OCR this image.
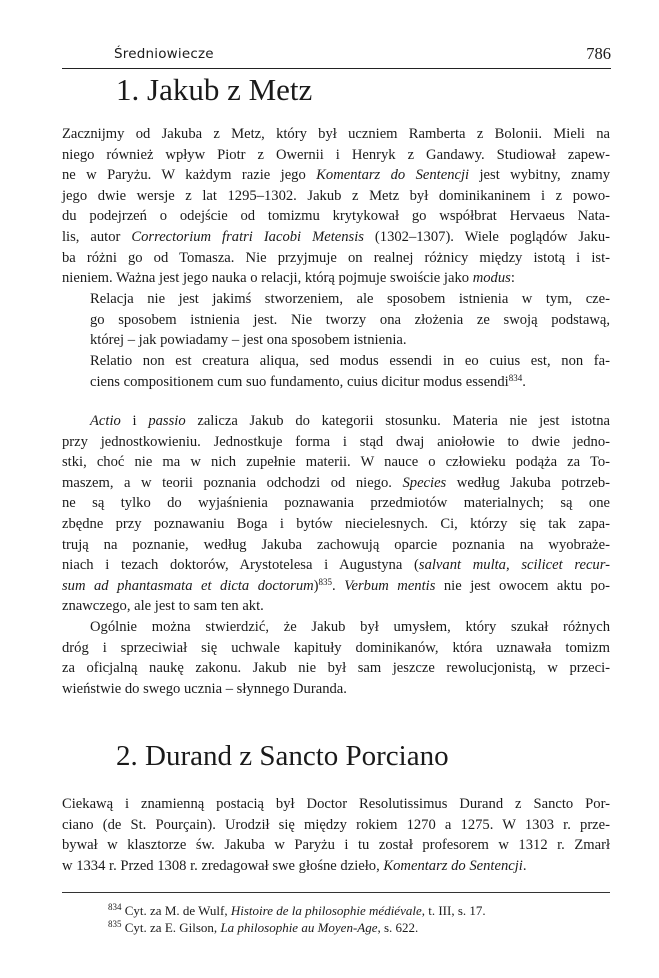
Średniowiecze	786
1. Jakub z Metz
Zacznijmy od Jakuba z Metz, który był uczniem Ramberta z Bolonii. Mieli na
niego również wpływ Piotr z Owernii i Henryk z Gandawy. Studiował zapew-
ne w Paryżu. W każdym razie jego Komentarz do Sentencji jest wybitny, znamy
jego dwie wersje z lat 1295–1302. Jakub z Metz był dominikaninem i z powo-
du podejrzeń o odejście od tomizmu krytykował go współbrat Hervaeus Nata-
lis, autor Correctorium fratri Iacobi Metensis (1302–1307). Wiele poglądów Jaku-
ba różni go od Tomasza. Nie przyjmuje on realnej różnicy między istotą i ist-
nieniem. Ważna jest jego nauka o relacji, którą pojmuje swoiście jako modus:
Relacja nie jest jakimś stworzeniem, ale sposobem istnienia w tym, cze-
go sposobem istnienia jest. Nie tworzy ona złożenia ze swoją podstawą,
której – jak powiadamy – jest ona sposobem istnienia.
Relatio non est creatura aliqua, sed modus essendi in eo cuius est, non fa-
ciens compositionem cum suo fundamento, cuius dicitur modus essendi$^{834}$.
Actio i passio zalicza Jakub do kategorii stosunku. Materia nie jest istotna
przy jednostkowieniu. Jednostkuje forma i stąd dwaj aniołowie to dwie jedno-
stki, choć nie ma w nich zupełnie materii. W nauce o człowieku podąża za To-
maszem, a w teorii poznania odchodzi od niego. Species według Jakuba potrzeb-
ne są tylko do wyjaśnienia poznawania przedmiotów materialnych; są one
zbędne przy poznawaniu Boga i bytów niecielesnych. Ci, którzy się tak zapa-
trują na poznanie, według Jakuba zachowują oparcie poznania na wyobraże-
niach i tezach doktorów, Arystotelesa i Augustyna (salvant multa, scilicet recur-
sum ad phantasmata et dicta doctorum)$^{835}$. Verbum mentis nie jest owocem aktu po-
znawczego, ale jest to sam ten akt.
Ogólnie można stwierdzić, że Jakub był umysłem, który szukał różnych
dróg i sprzeciwiał się uchwale kapituły dominikanów, która uznawała tomizm
za oficjalną naukę zakonu. Jakub nie był sam jeszcze rewolucjonistą, w przeci-
wieństwie do swego ucznia – słynnego Duranda.
2. Durand z Sancto Porciano
Ciekawą i znamienną postacią był Doctor Resolutissimus Durand z Sancto Por-
ciano (de St. Pourçain). Urodził się między rokiem 1270 a 1275. W 1303 r. prze-
bywał w klasztorze św. Jakuba w Paryżu i tu został profesorem w 1312 r. Zmarł
w 1334 r. Przed 1308 r. zredagował swe głośne dzieło, Komentarz do Sentencji.
$^{834}$ Cyt. za M. de Wulf, Histoire de la philosophie médiévale, t. III, s. 17.
$^{835}$ Cyt. za E. Gilson, La philosophie au Moyen-Age, s. 622.
